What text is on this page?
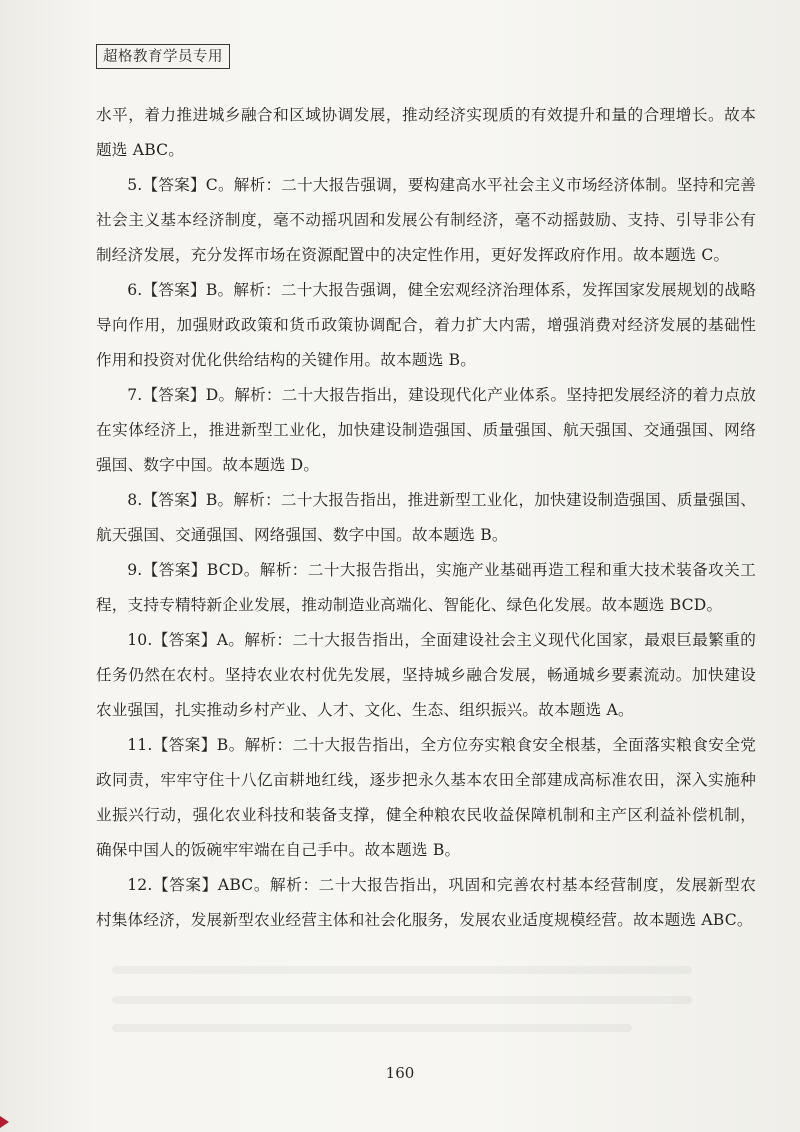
超格教育学员专用

水平，着力推进城乡融合和区域协调发展，推动经济实现质的有效提升和量的合理增长。故本题选 ABC。

5.【答案】C。解析：二十大报告强调，要构建高水平社会主义市场经济体制。坚持和完善社会主义基本经济制度，毫不动摇巩固和发展公有制经济，毫不动摇鼓励、支持、引导非公有制经济发展，充分发挥市场在资源配置中的决定性作用，更好发挥政府作用。故本题选 C。

6.【答案】B。解析：二十大报告强调，健全宏观经济治理体系，发挥国家发展规划的战略导向作用，加强财政政策和货币政策协调配合，着力扩大内需，增强消费对经济发展的基础性作用和投资对优化供给结构的关键作用。故本题选 B。

7.【答案】D。解析：二十大报告指出，建设现代化产业体系。坚持把发展经济的着力点放在实体经济上，推进新型工业化，加快建设制造强国、质量强国、航天强国、交通强国、网络强国、数字中国。故本题选 D。

8.【答案】B。解析：二十大报告指出，推进新型工业化，加快建设制造强国、质量强国、航天强国、交通强国、网络强国、数字中国。故本题选 B。

9.【答案】BCD。解析：二十大报告指出，实施产业基础再造工程和重大技术装备攻关工程，支持专精特新企业发展，推动制造业高端化、智能化、绿色化发展。故本题选 BCD。

10.【答案】A。解析：二十大报告指出，全面建设社会主义现代化国家，最艰巨最繁重的任务仍然在农村。坚持农业农村优先发展，坚持城乡融合发展，畅通城乡要素流动。加快建设农业强国，扎实推动乡村产业、人才、文化、生态、组织振兴。故本题选 A。

11.【答案】B。解析：二十大报告指出，全方位夯实粮食安全根基，全面落实粮食安全党政同责，牢牢守住十八亿亩耕地红线，逐步把永久基本农田全部建成高标准农田，深入实施种业振兴行动，强化农业科技和装备支撑，健全种粮农民收益保障机制和主产区利益补偿机制，确保中国人的饭碗牢牢端在自己手中。故本题选 B。

12.【答案】ABC。解析：二十大报告指出，巩固和完善农村基本经营制度，发展新型农村集体经济，发展新型农业经营主体和社会化服务，发展农业适度规模经营。故本题选 ABC。

160
